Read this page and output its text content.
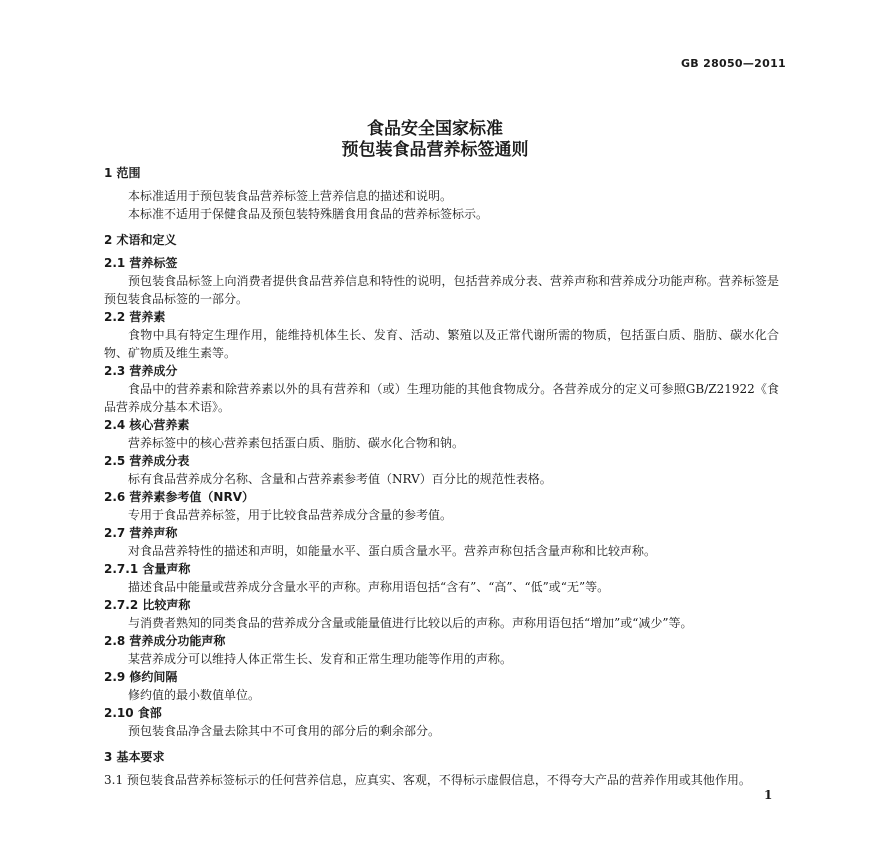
GB 28050—2011
食品安全国家标准
预包装食品营养标签通则
1 范围
本标准适用于预包装食品营养标签上营养信息的描述和说明。
本标准不适用于保健食品及预包装特殊膳食用食品的营养标签标示。
2 术语和定义
2.1 营养标签
预包装食品标签上向消费者提供食品营养信息和特性的说明，包括营养成分表、营养声称和营养成分功能声称。营养标签是预包装食品标签的一部分。
2.2 营养素
食物中具有特定生理作用，能维持机体生长、发育、活动、繁殖以及正常代谢所需的物质，包括蛋白质、脂肪、碳水化合物、矿物质及维生素等。
2.3 营养成分
食品中的营养素和除营养素以外的具有营养和（或）生理功能的其他食物成分。各营养成分的定义可参照GB/Z21922《食品营养成分基本术语》。
2.4 核心营养素
营养标签中的核心营养素包括蛋白质、脂肪、碳水化合物和钠。
2.5 营养成分表
标有食品营养成分名称、含量和占营养素参考值（NRV）百分比的规范性表格。
2.6 营养素参考值（NRV）
专用于食品营养标签，用于比较食品营养成分含量的参考值。
2.7 营养声称
对食品营养特性的描述和声明，如能量水平、蛋白质含量水平。营养声称包括含量声称和比较声称。
2.7.1 含量声称
描述食品中能量或营养成分含量水平的声称。声称用语包括“含有”、“高”、“低”或“无”等。
2.7.2 比较声称
与消费者熟知的同类食品的营养成分含量或能量值进行比较以后的声称。声称用语包括“增加”或“减少”等。
2.8 营养成分功能声称
某营养成分可以维持人体正常生长、发育和正常生理功能等作用的声称。
2.9 修约间隔
修约值的最小数值单位。
2.10 食部
预包装食品净含量去除其中不可食用的部分后的剩余部分。
3 基本要求
3.1 预包装食品营养标签标示的任何营养信息，应真实、客观，不得标示虚假信息，不得夸大产品的营养作用或其他作用。
1
